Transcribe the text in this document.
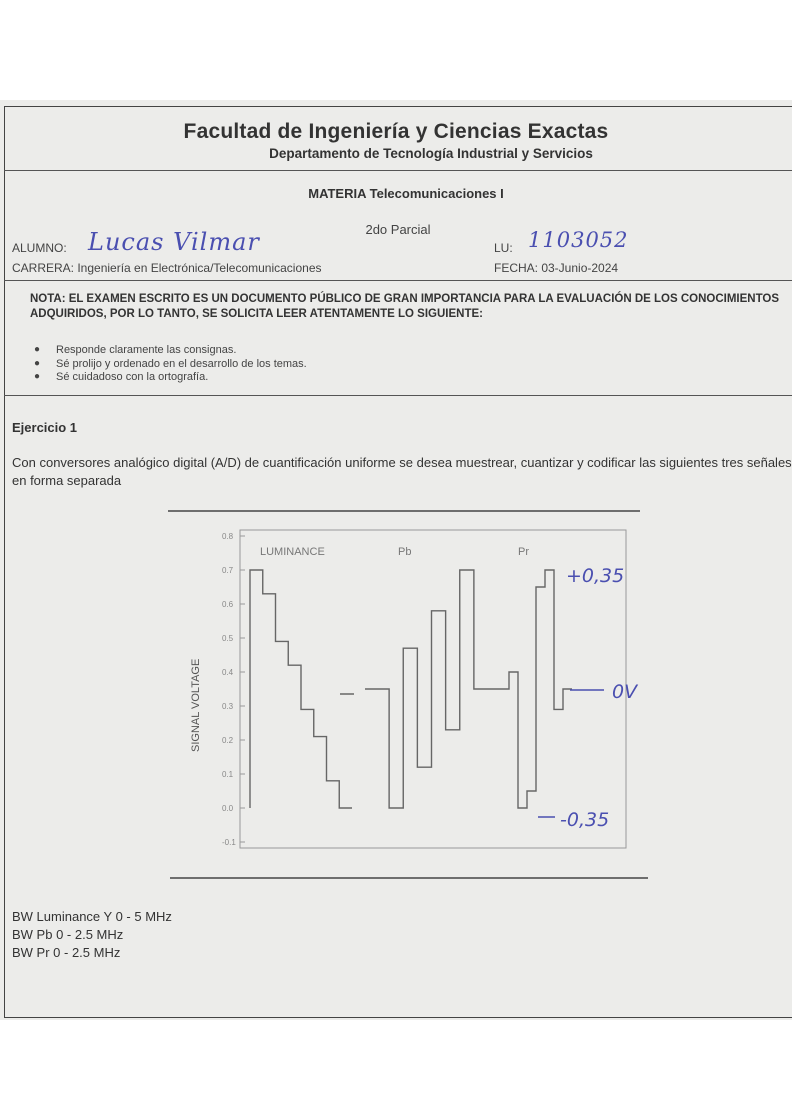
Facultad de Ingeniería y Ciencias Exactas
Departamento de Tecnología Industrial y Servicios
MATERIA Telecomunicaciones I
2do Parcial
ALUMNO: Lucas Vilmar	LU: 1103052
CARRERA: Ingeniería en Electrónica/Telecomunicaciones	FECHA: 03-Junio-2024
NOTA: EL EXAMEN ESCRITO ES UN DOCUMENTO PÚBLICO DE GRAN IMPORTANCIA PARA LA EVALUACIÓN DE LOS CONOCIMIENTOS ADQUIRIDOS, POR LO TANTO, SE SOLICITA LEER ATENTAMENTE LO SIGUIENTE:
● Responde claramente las consignas.
● Sé prolijo y ordenado en el desarrollo de los temas.
● Sé cuidadoso con la ortografía.
Ejercicio 1
Con conversores analógico digital (A/D) de cuantificación uniforme se desea muestrear, cuantizar y codificar las siguientes tres señales en forma separada
0.8
0.7
0.6
0.5
0.4
0.3
0.2
0.1
0.0
-0.1
SIGNAL VOLTAGE
LUMINANCE	Pb	Pr
+0,35
0V
-0,35
BW Luminance Y 0 - 5 MHz
BW Pb 0 - 2.5 MHz
BW Pr 0 - 2.5 MHz
